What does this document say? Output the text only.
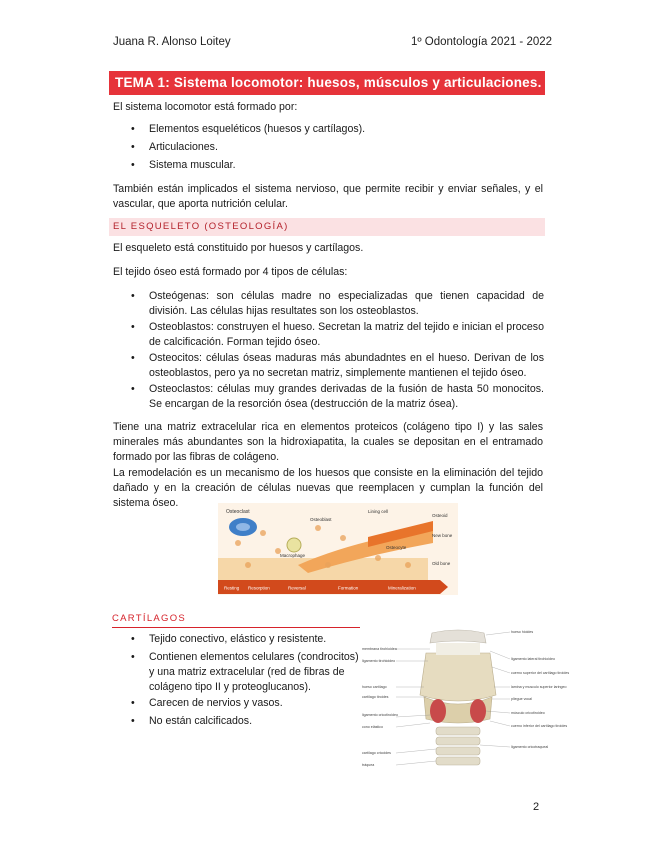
Juana R. Alonso Loitey	1º Odontología 2021 - 2022
TEMA 1: Sistema locomotor: huesos, músculos y articulaciones.
El sistema locomotor está formado por:
• Elementos esqueléticos (huesos y cartílagos).
• Articulaciones.
• Sistema muscular.
También están implicados el sistema nervioso, que permite recibir y enviar señales, y el vascular, que aporta nutrición celular.
EL ESQUELETO (OSTEOLOGÍA)
El esqueleto está constituido por huesos y cartílagos.
El tejido óseo está formado por 4 tipos de células:
• Osteógenas: son células madre no especializadas que tienen capacidad de división. Las células hijas resultates son los osteoblastos.
• Osteoblastos: construyen el hueso. Secretan la matriz del tejido e inician el proceso de calcificación. Forman tejido óseo.
• Osteocitos: células óseas maduras más abundadntes en el hueso. Derivan de los osteoblastos, pero ya no secretan matriz, simplemente mantienen el tejido óseo.
• Osteoclastos: células muy grandes derivadas de la fusión de hasta 50 monocitos. Se encargan de la resorción ósea (destrucción de la matriz ósea).
Tiene una matriz extracelular rica en elementos proteicos (colágeno tipo I) y las sales minerales más abundantes son la hidroxiapatita, la cuales se depositan en el entramado formado por las fibras de colágeno.
La remodelación es un mecanismo de los huesos que consiste en la eliminación del tejido dañado y en la creación de células nuevas que reemplacen y cumplan la función del sistema óseo.
Osteoclast
Osteoblast
Lining cell
Osteoid
New bone
Old bone
Osteocyte
Macrophage
Resting Resorption	Reversal	Formation	Mineralization
CARTÍLAGOS
• Tejido conectivo, elástico y resistente.
• Contienen elementos celulares (condrocitos) y una matriz extracelular (red de fibras de colágeno tipo II y proteoglucanos).
• Carecen de nervios y vasos.
• No están calcificados.
membrana tirohioidea
ligamento tirohioideo
hueso cartílago
cartílago tiroides
ligamento cricotiroideo
cono elástico
cartílago cricoides
tráquea
hueso hioides
ligamento lateral tirohioideo
cuerno superior del cartílago tiroides
lamina y musculo superior laringeo
pliegue vocal
músculo cricotiroideo
cuerno inferior del cartílago tiroides
ligamento cricotraqueal
2
